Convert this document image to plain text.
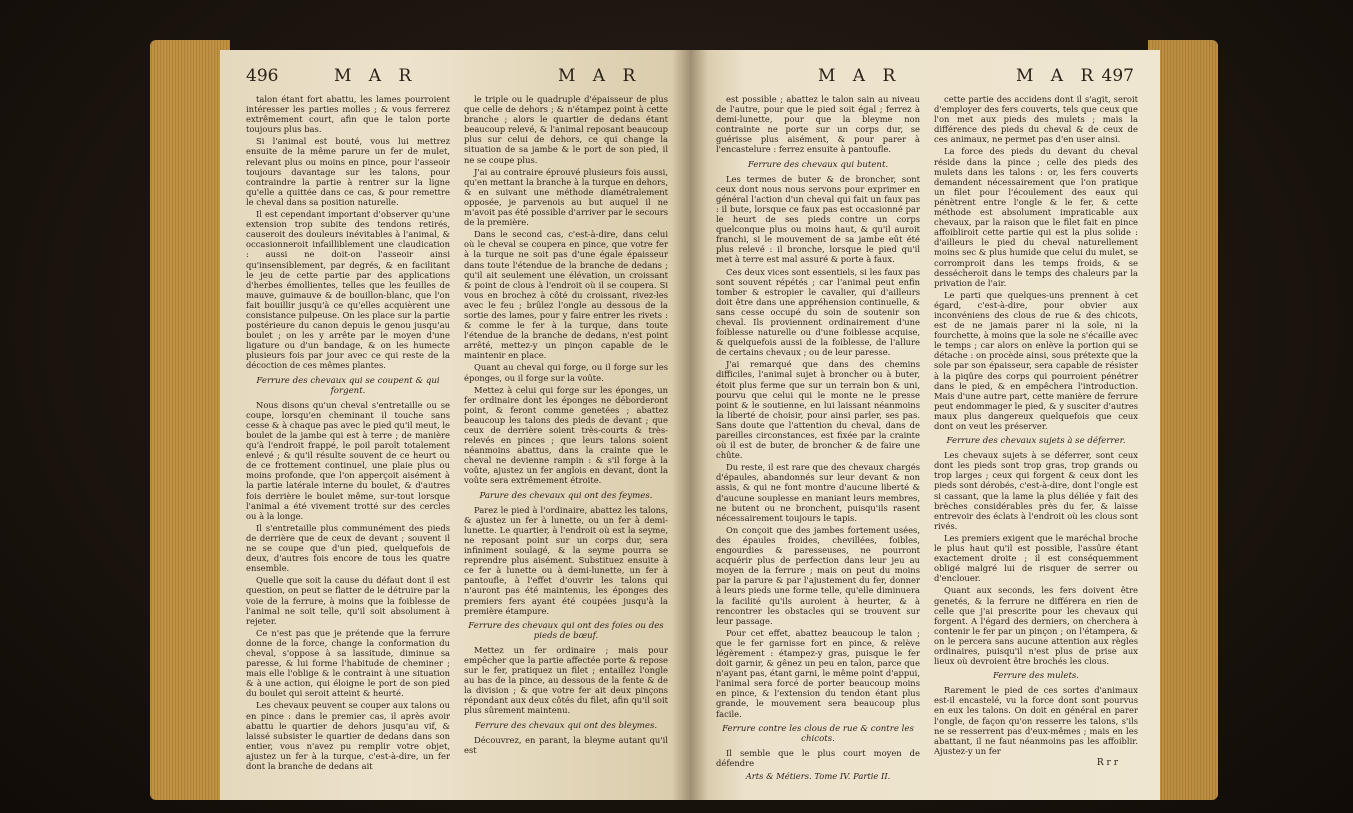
496	M A R	M A R

talon étant fort abattu, les lames pourroient intéresser les parties molles ; & vous ferrerez extrêmement court, afin que le talon porte toujours plus bas.

Si l'animal est bouté, vous lui mettrez ensuite de la même parure un fer de mulet, relevant plus ou moins en pince, pour l'asseoir toujours davantage sur les talons, pour contraindre la partie à rentrer sur la ligne qu'elle a quittée dans ce cas, & pour remettre le cheval dans sa position naturelle.

Il est cependant important d'observer qu'une extension trop subite des tendons retirés, causeroit des douleurs inévitables à l'animal, & occasionneroit infailliblement une claudication : aussi ne doit-on l'asseoir ainsi qu'insensiblement, par degrés, & en facilitant le jeu de cette partie par des applications d'herbes émollientes, telles que les feuilles de mauve, guimauve & de bouillon-blanc, que l'on fait bouillir jusqu'à ce qu'elles acquièrent une consistance pulpeuse. On les place sur la partie postérieure du canon depuis le genou jusqu'au boulet ; on les y arrête par le moyen d'une ligature ou d'un bandage, & on les humecte plusieurs fois par jour avec ce qui reste de la décoction de ces mêmes plantes.

Ferrure des chevaux qui se coupent & qui forgent.

Nous disons qu'un cheval s'entretaille ou se coupe, lorsqu'en cheminant il touche sans cesse & à chaque pas avec le pied qu'il meut, le boulet de la jambe qui est à terre ; de manière qu'à l'endroit frappé, le poil paroît totalement enlevé ; & qu'il résulte souvent de ce heurt ou de ce frottement continuel, une plaie plus ou moins profonde, que l'on apperçoit aisément à la partie latérale interne du boulet, & d'autres fois derrière le boulet même, sur-tout lorsque l'animal a été vivement trotté sur des cercles ou à la longe.

Il s'entretaille plus communément des pieds de derrière que de ceux de devant ; souvent il ne se coupe que d'un pied, quelquefois de deux, d'autres fois encore de tous les quatre ensemble.

Quelle que soit la cause du défaut dont il est question, on peut se flatter de le détruire par la voie de la ferrure, à moins que la foiblesse de l'animal ne soit telle, qu'il soit absolument à rejeter.

Ce n'est pas que je prétende que la ferrure donne de la force, change la conformation du cheval, s'oppose à sa lassitude, diminue sa paresse, & lui forme l'habitude de cheminer ; mais elle l'oblige & le contraint à une situation & à une action, qui éloigne le port de son pied du boulet qui seroit atteint & heurté.

Les chevaux peuvent se couper aux talons ou en pince : dans le premier cas, il après avoir abattu le quartier de dehors jusqu'au vif, & laissé subsister le quartier de dedans dans son entier, vous n'avez pu remplir votre objet, ajustez un fer à la turque, c'est-à-dire, un fer dont la branche de dedans ait

le triple ou le quadruple d'épaisseur de plus que celle de dehors ; & n'étampez point à cette branche ; alors le quartier de dedans étant beaucoup relevé, & l'animal reposant beaucoup plus sur celui de dehors, ce qui change la situation de sa jambe & le port de son pied, il ne se coupe plus.

J'ai au contraire éprouvé plusieurs fois aussi, qu'en mettant la branche à la turque en dehors, & en suivant une méthode diamétralement opposée, je parvenois au but auquel il ne m'avoit pas été possible d'arriver par le secours de la première.

Dans le second cas, c'est-à-dire, dans celui où le cheval se coupera en pince, que votre fer à la turque ne soit pas d'une égale épaisseur dans toute l'étendue de la branche de dedans ; qu'il ait seulement une élévation, un croissant & point de clous à l'endroit où il se coupera. Si vous en brochez à côté du croissant, rivez-les avec le feu ; brûlez l'ongle au dessous de la sortie des lames, pour y faire entrer les rivets : & comme le fer à la turque, dans toute l'étendue de la branche de dedans, n'est point arrêté, mettez-y un pinçon capable de le maintenir en place.

Quant au cheval qui forge, ou il forge sur les éponges, ou il forge sur la voûte.

Mettez à celui qui forge sur les éponges, un fer ordinaire dont les éponges ne déborderont point, & feront comme genetées ; abattez beaucoup les talons des pieds de devant ; que ceux de derrière soient très-courts & très-relevés en pinces ; que leurs talons soient néanmoins abattus, dans la crainte que le cheval ne devienne rampin : & s'il forge à la voûte, ajustez un fer anglois en devant, dont la voûte sera extrêmement étroite.

Parure des chevaux qui ont des feymes.

Parez le pied à l'ordinaire, abattez les talons, & ajustez un fer à lunette, ou un fer à demi-lunette. Le quartier, à l'endroit où est la seyme, ne reposant point sur un corps dur, sera infiniment soulagé, & la seyme pourra se reprendre plus aisément. Substituez ensuite à ce fer à lunette ou à demi-lunette, un fer à pantoufle, à l'effet d'ouvrir les talons qui n'auront pas été maintenus, les éponges des premiers fers ayant été coupées jusqu'à la première étampure.

Ferrure des chevaux qui ont des foies ou des pieds de bœuf.

Mettez un fer ordinaire ; mais pour empêcher que la partie affectée porte & repose sur le fer, pratiquez un filet ; entaillez l'ongle au bas de la pince, au dessous de la fente & de la division ; & que votre fer ait deux pinçons répondant aux deux côtés du filet, afin qu'il soit plus sûrement maintenu.

Ferrure des chevaux qui ont des bleymes.

Découvrez, en parant, la bleyme autant qu'il est

M A R	M A R 497

est possible ; abattez le talon sain au niveau de l'autre, pour que le pied soit égal ; ferrez à demi-lunette, pour que la bleyme non contrainte ne porte sur un corps dur, se guérisse plus aisément, & pour parer à l'encastelure : ferrez ensuite à pantoufle.

Ferrure des chevaux qui butent.

Les termes de buter & de broncher, sont ceux dont nous nous servons pour exprimer en général l'action d'un cheval qui fait un faux pas : il bute, lorsque ce faux pas est occasionné par le heurt de ses pieds contre un corps quelconque plus ou moins haut, & qu'il auroit franchi, si le mouvement de sa jambe eût été plus relevé : il bronche, lorsque le pied qu'il met à terre est mal assuré & porte à faux.

Ces deux vices sont essentiels, si les faux pas sont souvent répétés ; car l'animal peut enfin tomber & estropier le cavalier, qui d'ailleurs doit être dans une appréhension continuelle, & sans cesse occupé du soin de soutenir son cheval. Ils proviennent ordinairement d'une foiblesse naturelle ou d'une foiblesse acquise, & quelquefois aussi de la foiblesse, de l'allure de certains chevaux ; ou de leur paresse.

J'ai remarqué que dans des chemins difficiles, l'animal sujet à broncher ou à buter, étoit plus ferme que sur un terrain bon & uni, pourvu que celui qui le monte ne le presse point & le soutienne, en lui laissant néanmoins la liberté de choisir, pour ainsi parler, ses pas. Sans doute que l'attention du cheval, dans de pareilles circonstances, est fixée par la crainte où il est de buter, de broncher & de faire une chûte.

Du reste, il est rare que des chevaux chargés d'épaules, abandonnés sur leur devant & non assis, & qui ne font montre d'aucune liberté & d'aucune souplesse en maniant leurs membres, ne butent ou ne bronchent, puisqu'ils rasent nécessairement toujours le tapis.

On conçoit que des jambes fortement usées, des épaules froides, chevillées, foibles, engourdies & paresseuses, ne pourront acquérir plus de perfection dans leur jeu au moyen de la ferrure ; mais on peut du moins par la parure & par l'ajustement du fer, donner à leurs pieds une forme telle, qu'elle diminuera la facilité qu'ils auroient à heurter, & à rencontrer les obstacles qui se trouvent sur leur passage.

Pour cet effet, abattez beaucoup le talon ; que le fer garnisse fort en pince, & relève légèrement : étampez-y gras, puisque le fer doit garnir, & gênez un peu en talon, parce que n'ayant pas, étant garni, le même point d'appui, l'animal sera forcé de porter beaucoup moins en pince, & l'extension du tendon étant plus grande, le mouvement sera beaucoup plus facile.

Ferrure contre les clous de rue & contre les chicots.

Il semble que le plus court moyen de défendre

Arts & Métiers. Tome IV. Partie II.

cette partie des accidens dont il s'agit, seroit d'employer des fers couverts, tels que ceux que l'on met aux pieds des mulets ; mais la différence des pieds du cheval & de ceux de ces animaux, ne permet pas d'en user ainsi.

La force des pieds du devant du cheval réside dans la pince ; celle des pieds des mulets dans les talons : or, les fers couverts demandent nécessairement que l'on pratique un filet pour l'écoulement des eaux qui pénètrent entre l'ongle & le fer, & cette méthode est absolument impraticable aux chevaux, par la raison que le filet fait en pince affoibliroit cette partie qui est la plus solide : d'ailleurs le pied du cheval naturellement moins sec & plus humide que celui du mulet, se corromproit dans les temps froids, & se dessécheroit dans le temps des chaleurs par la privation de l'air.

Le parti que quelques-uns prennent à cet égard, c'est-à-dire, pour obvier aux inconvéniens des clous de rue & des chicots, est de ne jamais parer ni la sole, ni la fourchette, à moins que la sole ne s'écaille avec le temps ; car alors on enlève la portion qui se détache : on procède ainsi, sous prétexte que la sole par son épaisseur, sera capable de résister à la piqûre des corps qui pourroient pénétrer dans le pied, & en empêchera l'introduction. Mais d'une autre part, cette manière de ferrure peut endommager le pied, & y susciter d'autres maux plus dangereux quelquefois que ceux dont on veut les préserver.

Ferrure des chevaux sujets à se déferrer.

Les chevaux sujets à se déferrer, sont ceux dont les pieds sont trop gras, trop grands ou trop larges ; ceux qui forgent & ceux dont les pieds sont dérobés, c'est-à-dire, dont l'ongle est si cassant, que la lame la plus déliée y fait des brèches considérables près du fer, & laisse entrevoir des éclats à l'endroit où les clous sont rivés.

Les premiers exigent que le maréchal broche le plus haut qu'il est possible, l'assûre étant exactement droite ; il est conséquemment obligé malgré lui de risquer de serrer ou d'enclouer.

Quant aux seconds, les fers doivent être genetés, & la ferrure ne différera en rien de celle que j'ai prescrite pour les chevaux qui forgent. A l'égard des derniers, on cherchera à contenir le fer par un pinçon ; on l'étampera, & on le percera sans aucune attention aux règles ordinaires, puisqu'il n'est plus de prise aux lieux où devroient être brochés les clous.

Ferrure des mulets.

Rarement le pied de ces sortes d'animaux est-il encastelé, vu la force dont sont pourvus en eux les talons. On doit en général en parer l'ongle, de façon qu'on resserre les talons, s'ils ne se resserrent pas d'eux-mêmes ; mais en les abattant, il ne faut néanmoins pas les affoiblir. Ajustez-y un fer

R r r
